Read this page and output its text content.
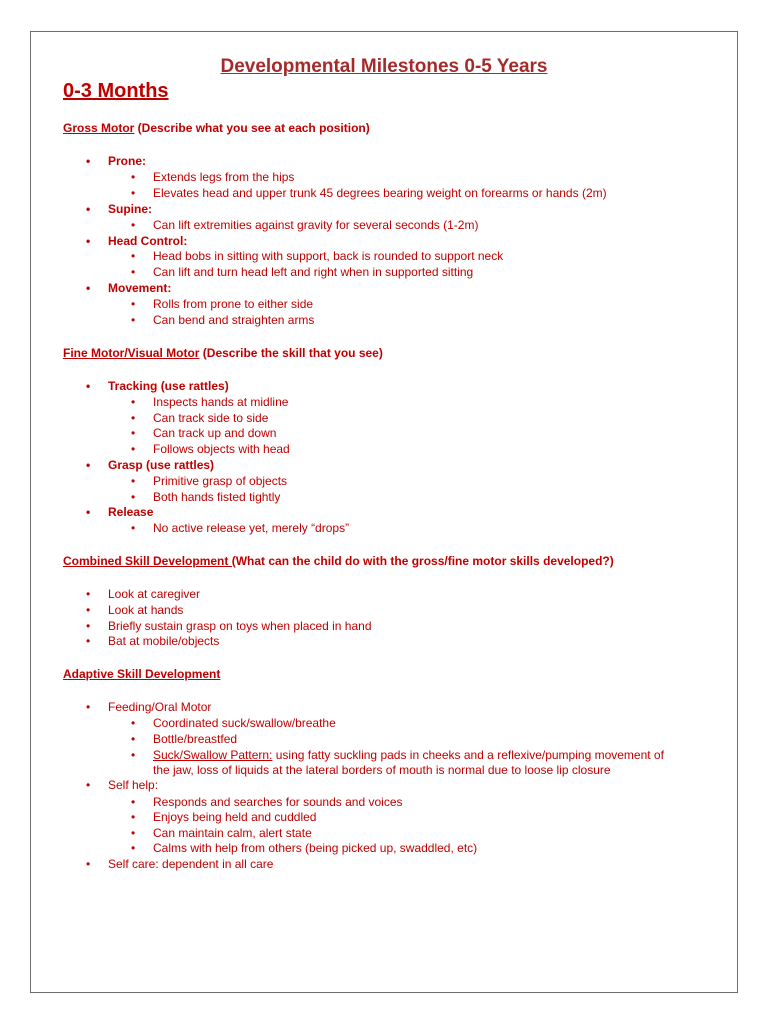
Developmental Milestones 0-5 Years
0-3 Months
Gross Motor (Describe what you see at each position)
• Prone:
• Extends legs from the hips
• Elevates head and upper trunk 45 degrees bearing weight on forearms or hands (2m)
• Supine:
• Can lift extremities against gravity for several seconds (1-2m)
• Head Control:
• Head bobs in sitting with support, back is rounded to support neck
• Can lift and turn head left and right when in supported sitting
• Movement:
• Rolls from prone to either side
• Can bend and straighten arms
Fine Motor/Visual Motor (Describe the skill that you see)
• Tracking (use rattles)
• Inspects hands at midline
• Can track side to side
• Can track up and down
• Follows objects with head
• Grasp (use rattles)
• Primitive grasp of objects
• Both hands fisted tightly
• Release
• No active release yet, merely “drops”
Combined Skill Development (What can the child do with the gross/fine motor skills developed?)
• Look at caregiver
• Look at hands
• Briefly sustain grasp on toys when placed in hand
• Bat at mobile/objects
Adaptive Skill Development
• Feeding/Oral Motor
• Coordinated suck/swallow/breathe
• Bottle/breastfed
• Suck/Swallow Pattern: using fatty suckling pads in cheeks and a reflexive/pumping movement of
the jaw, loss of liquids at the lateral borders of mouth is normal due to loose lip closure
• Self help:
• Responds and searches for sounds and voices
• Enjoys being held and cuddled
• Can maintain calm, alert state
• Calms with help from others (being picked up, swaddled, etc)
• Self care: dependent in all care
